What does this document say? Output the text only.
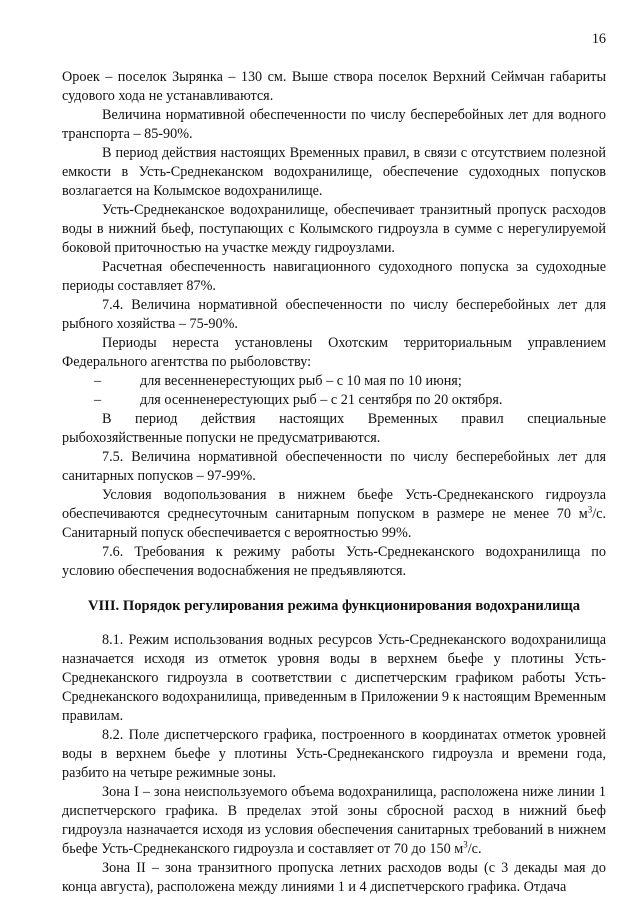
16

Ороек – поселок Зырянка – 130 см. Выше створа поселок Верхний Сеймчан габариты судового хода не устанавливаются.

Величина нормативной обеспеченности по числу бесперебойных лет для водного транспорта – 85-90%.

В период действия настоящих Временных правил, в связи с отсутствием полезной емкости в Усть-Среднеканском водохранилище, обеспечение судоходных попусков возлагается на Колымское водохранилище.

Усть-Среднеканское водохранилище, обеспечивает транзитный пропуск расходов воды в нижний бьеф, поступающих с Колымского гидроузла в сумме с нерегулируемой боковой приточностью на участке между гидроузлами.

Расчетная обеспеченность навигационного судоходного попуска за судоходные периоды составляет 87%.

7.4. Величина нормативной обеспеченности по числу бесперебойных лет для рыбного хозяйства – 75-90%.

Периоды нереста установлены Охотским территориальным управлением Федерального агентства по рыболовству:

–	для весенненерестующих рыб – с 10 мая по 10 июня;
–	для осенненерестующих рыб – с 21 сентября по 20 октября.

В период действия настоящих Временных правил специальные рыбохозяйственные попуски не предусматриваются.

7.5. Величина нормативной обеспеченности по числу бесперебойных лет для санитарных попусков – 97-99%.

Условия водопользования в нижнем бьефе Усть-Среднеканского гидроузла обеспечиваются среднесуточным санитарным попуском в размере не менее 70 $м^3/с$. Санитарный попуск обеспечивается с вероятностью 99%.

7.6. Требования к режиму работы Усть-Среднеканского водохранилища по условию обеспечения водоснабжения не предъявляются.

VIII. Порядок регулирования режима функционирования водохранилища

8.1. Режим использования водных ресурсов Усть-Среднеканского водохранилища назначается исходя из отметок уровня воды в верхнем бьефе у плотины Усть-Среднеканского гидроузла в соответствии с диспетчерским графиком работы Усть-Среднеканского водохранилища, приведенным в Приложении 9 к настоящим Временным правилам.

8.2. Поле диспетчерского графика, построенного в координатах отметок уровней воды в верхнем бьефе у плотины Усть-Среднеканского гидроузла и времени года, разбито на четыре режимные зоны.

Зона I – зона неиспользуемого объема водохранилища, расположена ниже линии 1 диспетчерского графика. В пределах этой зоны сбросной расход в нижний бьеф гидроузла назначается исходя из условия обеспечения санитарных требований в нижнем бьефе Усть-Среднеканского гидроузла и составляет от 70 до 150 $м^3/с$.

Зона II – зона транзитного пропуска летних расходов воды (с 3 декады мая до конца августа), расположена между линиями 1 и 4 диспетчерского графика. Отдача
